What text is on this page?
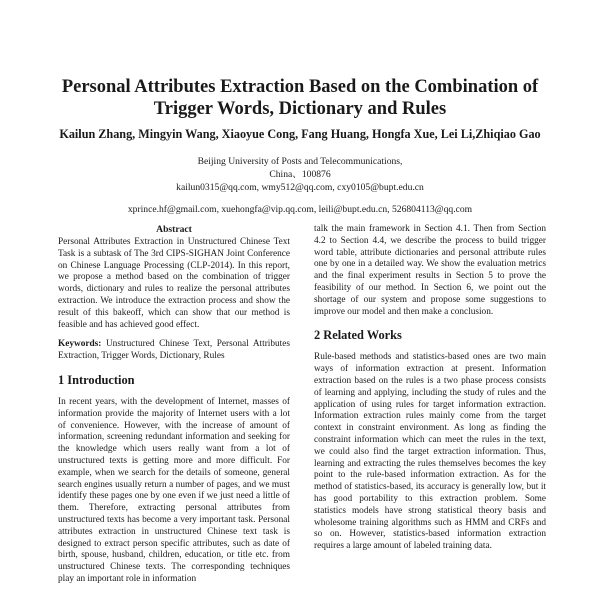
Personal Attributes Extraction Based on the Combination of
Trigger Words, Dictionary and Rules
Kailun Zhang, Mingyin Wang, Xiaoyue Cong, Fang Huang, Hongfa Xue, Lei Li,Zhiqiao Gao
Beijing University of Posts and Telecommunications,
China、100876
kailun0315@qq.com, wmy512@qq.com, cxy0105@bupt.edu.cn
xprince.hf@gmail.com, xuehongfa@vip.qq.com, leili@bupt.edu.cn, 526804113@qq.com
Abstract

Personal Attributes Extraction in Unstructured Chinese Text Task is a subtask of The 3rd CIPS-SIGHAN Joint Conference on Chinese Language Processing (CLP-2014). In this report, we propose a method based on the combination of trigger words, dictionary and rules to realize the personal attributes extraction. We introduce the extraction process and show the result of this bakeoff, which can show that our method is feasible and has achieved good effect.

Keywords: Unstructured Chinese Text, Personal Attributes Extraction, Trigger Words, Dictionary, Rules

1 Introduction

In recent years, with the development of Internet, masses of information provide the majority of Internet users with a lot of convenience. However, with the increase of amount of information, screening redundant information and seeking for the knowledge which users really want from a lot of unstructured texts is getting more and more difficult. For example, when we search for the details of someone, general search engines usually return a number of pages, and we must identify these pages one by one even if we just need a little of them. Therefore, extracting personal attributes from unstructured texts has become a very important task. Personal attributes extraction in unstructured Chinese text task is designed to extract person specific attributes, such as date of birth, spouse, husband, children, education, or title etc. from unstructured Chinese texts. The corresponding techniques play an important role in information

talk the main framework in Section 4.1. Then from Section 4.2 to Section 4.4, we describe the process to build trigger word table, attribute dictionaries and personal attribute rules one by one in a detailed way. We show the evaluation metrics and the final experiment results in Section 5 to prove the feasibility of our method. In Section 6, we point out the shortage of our system and propose some suggestions to improve our model and then make a conclusion.

2 Related Works

Rule-based methods and statistics-based ones are two main ways of information extraction at present. Information extraction based on the rules is a two phase process consists of learning and applying, including the study of rules and the application of using rules for target information extraction. Information extraction rules mainly come from the target context in constraint environment. As long as finding the constraint information which can meet the rules in the text, we could also find the target extraction information. Thus, learning and extracting the rules themselves becomes the key point to the rule-based information extraction. As for the method of statistics-based, its accuracy is generally low, but it has good portability to this extraction problem. Some statistics models have strong statistical theory basis and wholesome training algorithms such as HMM and CRFs and so on. However, statistics-based information extraction requires a large amount of labeled training data.
